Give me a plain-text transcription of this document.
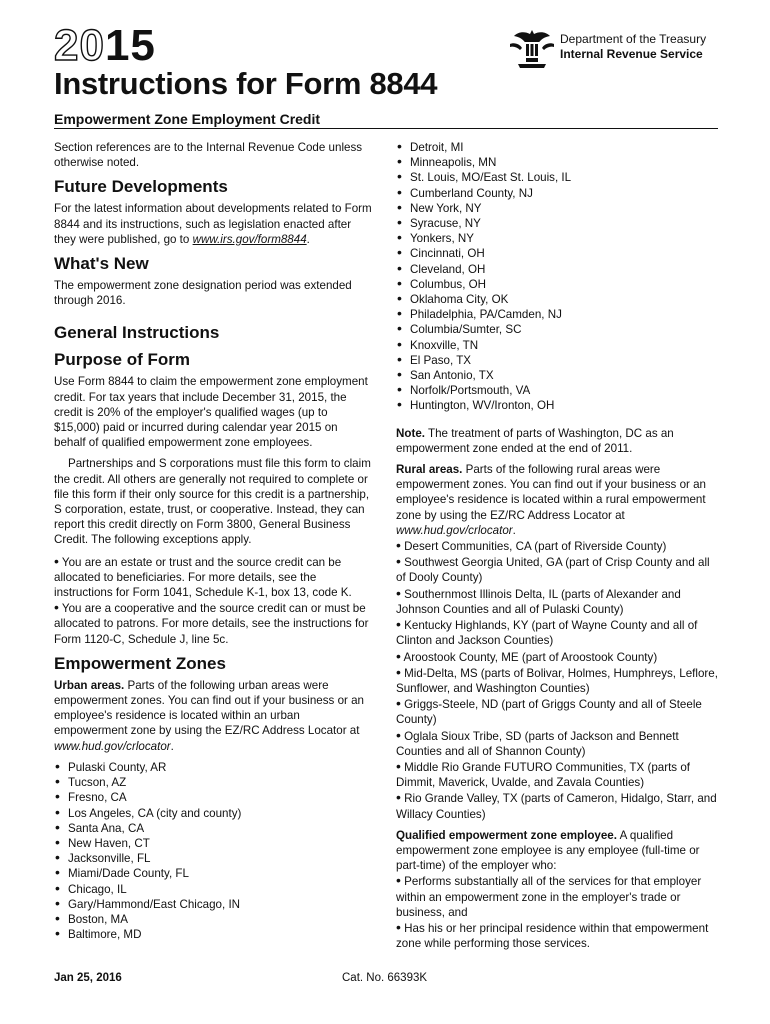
2015	Department of the Treasury
Internal Revenue Service
Instructions for Form 8844
Empowerment Zone Employment Credit

Section references are to the Internal Revenue Code unless otherwise noted.

Future Developments

For the latest information about developments related to Form 8844 and its instructions, such as legislation enacted after they were published, go to www.irs.gov/form8844.

What's New

The empowerment zone designation period was extended through 2016.

General Instructions
Purpose of Form

Use Form 8844 to claim the empowerment zone employment credit. For tax years that include December 31, 2015, the credit is 20% of the employer's qualified wages (up to $15,000) paid or incurred during calendar year 2015 on behalf of qualified empowerment zone employees.

Partnerships and S corporations must file this form to claim the credit. All others are generally not required to complete or file this form if their only source for this credit is a partnership, S corporation, estate, trust, or cooperative. Instead, they can report this credit directly on Form 3800, General Business Credit. The following exceptions apply.

• You are an estate or trust and the source credit can be allocated to beneficiaries. For more details, see the instructions for Form 1041, Schedule K-1, box 13, code K.
• You are a cooperative and the source credit can or must be allocated to patrons. For more details, see the instructions for Form 1120-C, Schedule J, line 5c.
Empowerment Zones

Urban areas. Parts of the following urban areas were empowerment zones. You can find out if your business or an employee's residence is located within an urban empowerment zone by using the EZ/RC Address Locator at www.hud.gov/crlocator.

• Pulaski County, AR
• Tucson, AZ
• Fresno, CA
• Los Angeles, CA (city and county)
• Santa Ana, CA
• New Haven, CT
• Jacksonville, FL
• Miami/Dade County, FL
• Chicago, IL
• Gary/Hammond/East Chicago, IN
• Boston, MA
• Baltimore, MD
• Detroit, MI
• Minneapolis, MN
• St. Louis, MO/East St. Louis, IL
• Cumberland County, NJ
• New York, NY
• Syracuse, NY
• Yonkers, NY
• Cincinnati, OH
• Cleveland, OH
• Columbus, OH
• Oklahoma City, OK
• Philadelphia, PA/Camden, NJ
• Columbia/Sumter, SC
• Knoxville, TN
• El Paso, TX
• San Antonio, TX
• Norfolk/Portsmouth, VA
• Huntington, WV/Ironton, OH

Note. The treatment of parts of Washington, DC as an empowerment zone ended at the end of 2011.

Rural areas. Parts of the following rural areas were empowerment zones. You can find out if your business or an employee's residence is located within a rural empowerment zone by using the EZ/RC Address Locator at www.hud.gov/crlocator.

• Desert Communities, CA (part of Riverside County)
• Southwest Georgia United, GA (part of Crisp County and all of Dooly County)
• Southernmost Illinois Delta, IL (parts of Alexander and Johnson Counties and all of Pulaski County)
• Kentucky Highlands, KY (part of Wayne County and all of Clinton and Jackson Counties)
• Aroostook County, ME (part of Aroostook County)
• Mid-Delta, MS (parts of Bolivar, Holmes, Humphreys, Leflore, Sunflower, and Washington Counties)
• Griggs-Steele, ND (part of Griggs County and all of Steele County)
• Oglala Sioux Tribe, SD (parts of Jackson and Bennett Counties and all of Shannon County)
• Middle Rio Grande FUTURO Communities, TX (parts of Dimmit, Maverick, Uvalde, and Zavala Counties)
• Rio Grande Valley, TX (parts of Cameron, Hidalgo, Starr, and Willacy Counties)

Qualified empowerment zone employee. A qualified empowerment zone employee is any employee (full-time or part-time) of the employer who:

• Performs substantially all of the services for that employer within an empowerment zone in the employer's trade or business, and
• Has his or her principal residence within that empowerment zone while performing those services.
Jan 25, 2016	Cat. No. 66393K
